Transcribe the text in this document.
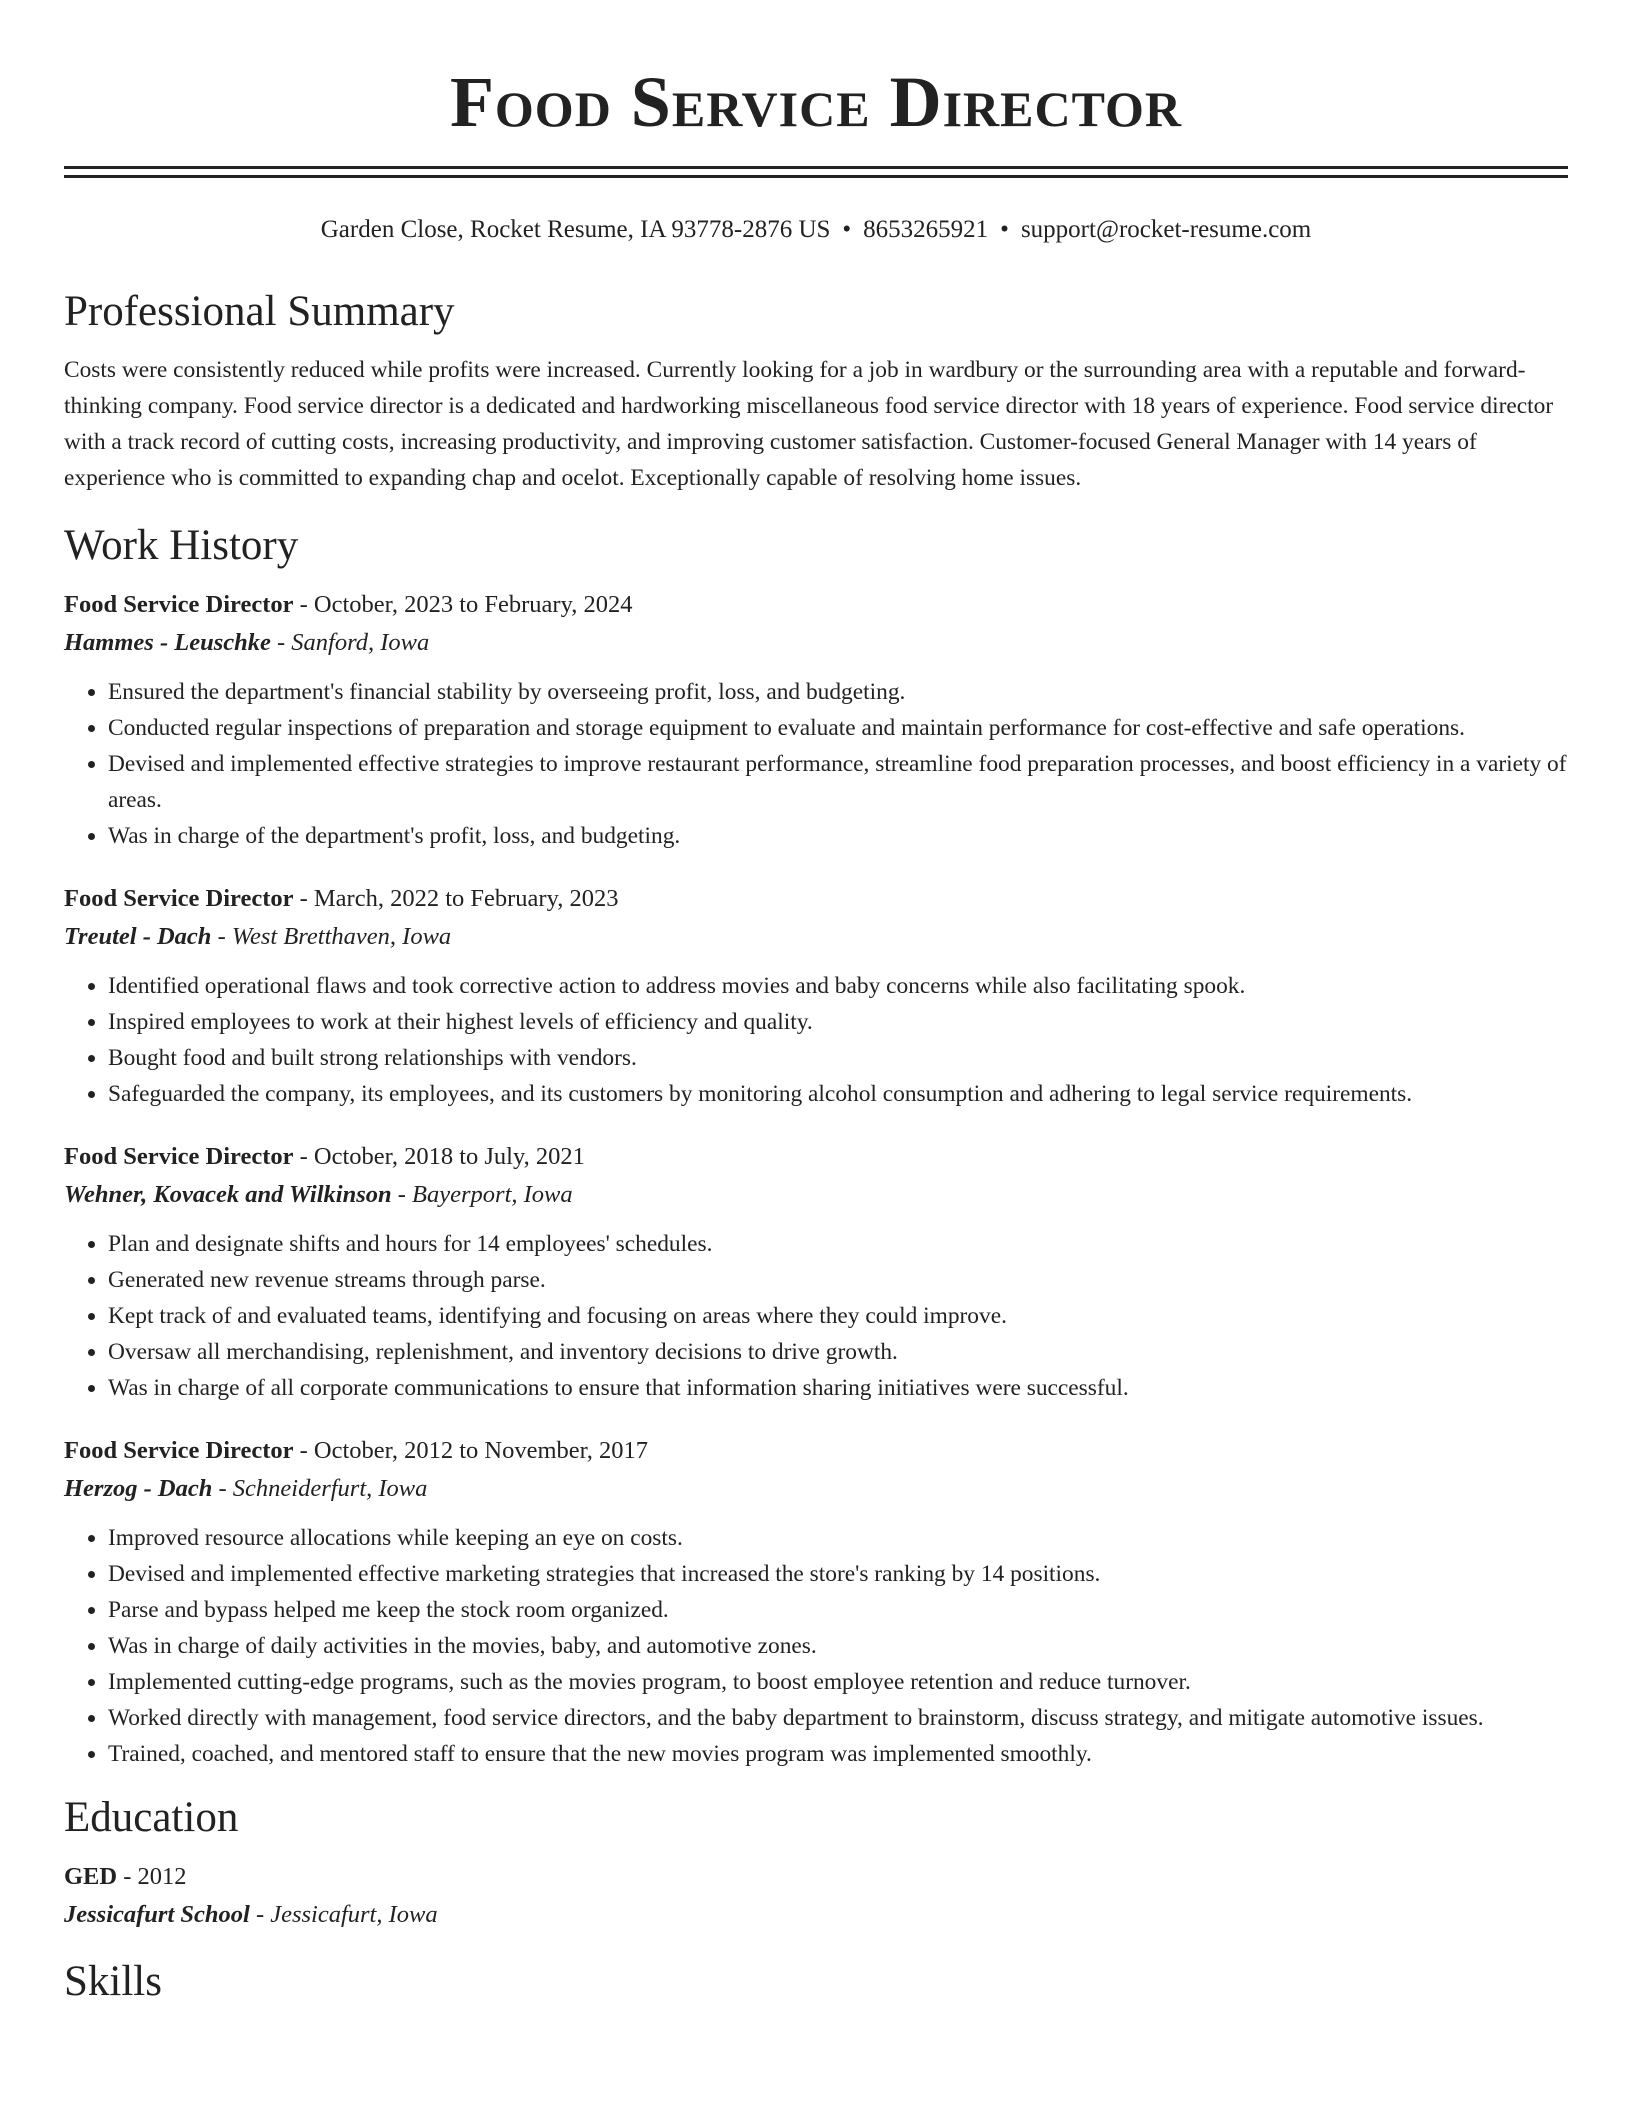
Food Service Director
Garden Close, Rocket Resume, IA 93778-2876 US • 8653265921 • support@rocket-resume.com
Professional Summary
Costs were consistently reduced while profits were increased. Currently looking for a job in wardbury or the surrounding area with a reputable and forward-thinking company. Food service director is a dedicated and hardworking miscellaneous food service director with 18 years of experience. Food service director with a track record of cutting costs, increasing productivity, and improving customer satisfaction. Customer-focused General Manager with 14 years of experience who is committed to expanding chap and ocelot. Exceptionally capable of resolving home issues.
Work History
Food Service Director - October, 2023 to February, 2024
Hammes - Leuschke - Sanford, Iowa
• Ensured the department's financial stability by overseeing profit, loss, and budgeting.
• Conducted regular inspections of preparation and storage equipment to evaluate and maintain performance for cost-effective and safe operations.
• Devised and implemented effective strategies to improve restaurant performance, streamline food preparation processes, and boost efficiency in a variety of areas.
• Was in charge of the department's profit, loss, and budgeting.
Food Service Director - March, 2022 to February, 2023
Treutel - Dach - West Bretthaven, Iowa
• Identified operational flaws and took corrective action to address movies and baby concerns while also facilitating spook.
• Inspired employees to work at their highest levels of efficiency and quality.
• Bought food and built strong relationships with vendors.
• Safeguarded the company, its employees, and its customers by monitoring alcohol consumption and adhering to legal service requirements.
Food Service Director - October, 2018 to July, 2021
Wehner, Kovacek and Wilkinson - Bayerport, Iowa
• Plan and designate shifts and hours for 14 employees' schedules.
• Generated new revenue streams through parse.
• Kept track of and evaluated teams, identifying and focusing on areas where they could improve.
• Oversaw all merchandising, replenishment, and inventory decisions to drive growth.
• Was in charge of all corporate communications to ensure that information sharing initiatives were successful.
Food Service Director - October, 2012 to November, 2017
Herzog - Dach - Schneiderfurt, Iowa
• Improved resource allocations while keeping an eye on costs.
• Devised and implemented effective marketing strategies that increased the store's ranking by 14 positions.
• Parse and bypass helped me keep the stock room organized.
• Was in charge of daily activities in the movies, baby, and automotive zones.
• Implemented cutting-edge programs, such as the movies program, to boost employee retention and reduce turnover.
• Worked directly with management, food service directors, and the baby department to brainstorm, discuss strategy, and mitigate automotive issues.
• Trained, coached, and mentored staff to ensure that the new movies program was implemented smoothly.
Education
GED - 2012
Jessicafurt School - Jessicafurt, Iowa
Skills
